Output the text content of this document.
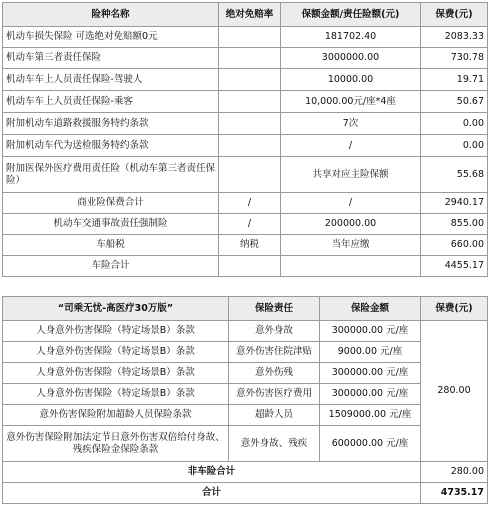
险种名称	绝对免赔率	保额金额/责任险额(元)	保费(元)
机动车损失保险 可选绝对免赔额0元		181702.40	2083.33
机动车第三者责任保险		3000000.00	730.78
机动车车上人员责任保险-驾驶人		10000.00	19.71
机动车车上人员责任保险-乘客		10,000.00元/座*4座	50.67
附加机动车道路救援服务特约条款		7次	0.00
附加机动车代为送检服务特约条款		/	0.00
附加医保外医疗费用责任险（机动车第三者责任保险）		共享对应主险保额	55.68
商业险保费合计	/	/	2940.17
机动车交通事故责任强制险	/	200000.00	855.00
车船税	纳税	当年应缴	660.00
车险合计			4455.17
“司乘无忧-高医疗30万版”	保险责任	保险金额	保费(元)
人身意外伤害保险（特定场景B）条款	意外身故	300000.00 元/座	280.00
人身意外伤害保险（特定场景B）条款	意外伤害住院津贴	9000.00 元/座	
人身意外伤害保险（特定场景B）条款	意外伤残	300000.00 元/座	
人身意外伤害保险（特定场景B）条款	意外伤害医疗费用	300000.00 元/座	
意外伤害保险附加超龄人员保险条款	超龄人员	1509000.00 元/座	
意外伤害保险附加法定节日意外伤害双倍给付身故、残疾保险金保险条款	意外身故、残疾	600000.00 元/座	
非车险合计			280.00
合计			4735.17
